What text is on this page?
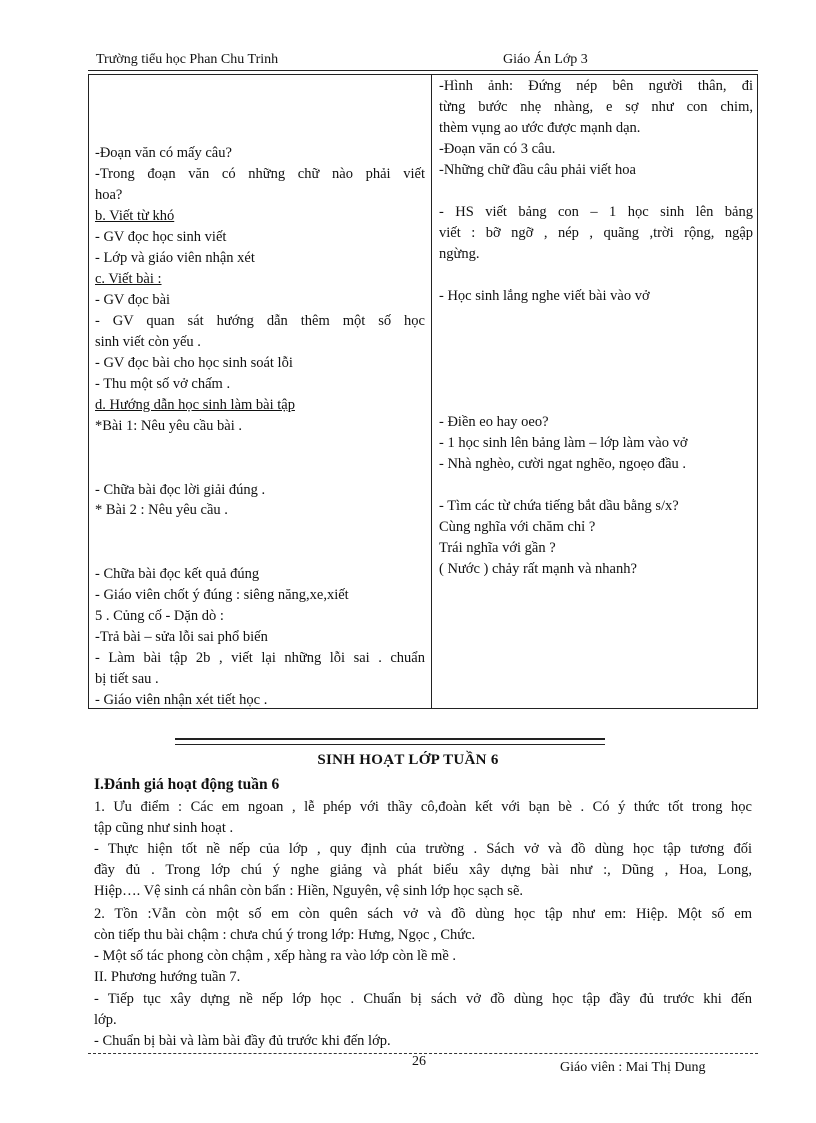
Trường tiểu học Phan Chu Trinh	Giáo Án Lớp 3
-Đoạn văn có mấy câu?
-Trong đoạn văn có những chữ nào phải viết
hoa?
b. Viết từ khó
- GV đọc học sinh viết
- Lớp và giáo viên nhận xét
c. Viết bài :
- GV đọc bài
- GV quan sát hướng dẫn thêm một số học
sinh viết còn yếu .
- GV đọc bài cho học sinh soát lỗi
- Thu một số vở chấm .
d. Hướng dẫn học sinh làm bài tập
*Bài 1: Nêu yêu cầu bài .
- Chữa bài đọc lời giải đúng .
* Bài 2 : Nêu yêu cầu .
- Chữa bài đọc kết quả đúng
- Giáo viên chốt ý đúng : siêng năng,xe,xiết
5 . Củng cố - Dặn dò :
-Trả bài – sửa lỗi sai phổ biến
- Làm bài tập 2b , viết lại những lỗi sai . chuẩn
bị tiết sau .
- Giáo viên nhận xét tiết học .
-Hình ảnh: Đứng nép bên người thân, đi
từng bước nhẹ nhàng, e sợ như con chim,
thèm vụng ao ước được mạnh dạn.
-Đoạn văn có 3 câu.
-Những chữ đầu câu phải viết hoa
- HS viết bảng con – 1 học sinh lên bảng
viết : bỡ ngỡ , nép , quãng ,trời rộng, ngập
ngừng.
- Học sinh lắng nghe viết bài vào vở
- Điền eo hay oeo?
- 1 học sinh lên bảng làm – lớp làm vào vở
- Nhà nghèo, cười ngat nghẽo, ngoẹo đầu .
- Tìm các từ chứa tiếng bắt dầu bằng s/x?
Cùng nghĩa với chăm chỉ ?
Trái nghĩa với gần ?
( Nước ) chảy rất mạnh và nhanh?
SINH HOẠT LỚP TUẦN 6
I.Đánh giá hoạt động tuần 6
1. Ưu điểm : Các em ngoan , lễ phép với thầy cô,đoàn kết với bạn bè . Có ý thức tốt trong học
tập cũng như sinh hoạt .
- Thực hiện tốt nề nếp của lớp , quy định của trường . Sách vở và đồ dùng học tập tương đối
đầy đủ . Trong lớp chú ý nghe giảng và phát biểu xây dựng bài như :, Dũng , Hoa, Long,
Hiệp…. Vệ sinh cá nhân còn bẩn : Hiền, Nguyên, vệ sinh lớp học sạch sẽ.
2. Tồn :Vẫn còn một số em còn quên sách vở và đồ dùng học tập như em: Hiệp. Một số em
còn tiếp thu bài chậm : chưa chú ý trong lớp: Hưng, Ngọc , Chức.
- Một số tác phong còn chậm , xếp hàng ra vào lớp còn lề mề .
II. Phương hướng tuần 7.
- Tiếp tục xây dựng nề nếp lớp học . Chuẩn bị sách vở đồ dùng học tập đầy đủ trước khi đến
lớp.
- Chuẩn bị bài và làm bài đầy đủ trước khi đến lớp.
26	Giáo viên : Mai Thị Dung
